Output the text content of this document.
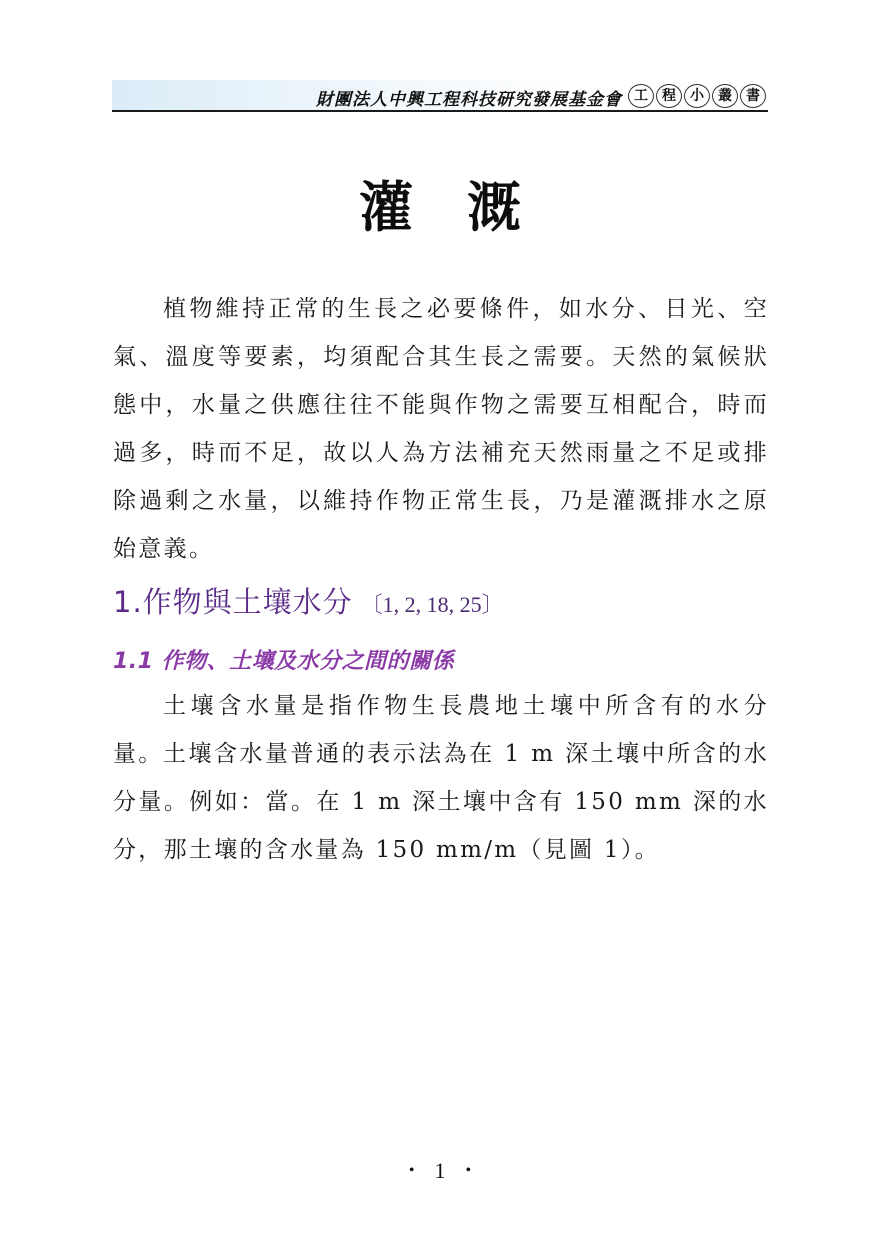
財團法人中興工程科技研究發展基金會 工	程	小	叢	書
灌溉
植物維持正常的生長之必要條件，如水分、日光、空氣、溫度等要素，均須配合其生長之需要。天然的氣候狀態中，水量之供應往往不能與作物之需要互相配合，時而過多，時而不足，故以人為方法補充天然雨量之不足或排除過剩之水量，以維持作物正常生長，乃是灌溉排水之原始意義。
1.作物與土壤水分 〔1, 2, 18, 25〕
1.1 作物、土壤及水分之間的關係
土壤含水量是指作物生長農地土壤中所含有的水分量。 土壤含水量普通的表示法為在 1 m 深土壤中所含的水分量。例如：當。在 1 m 深土壤中含有 150 mm 深的水分，那土壤的含水量為 150 mm/m（見圖 1）。
• 1 •
